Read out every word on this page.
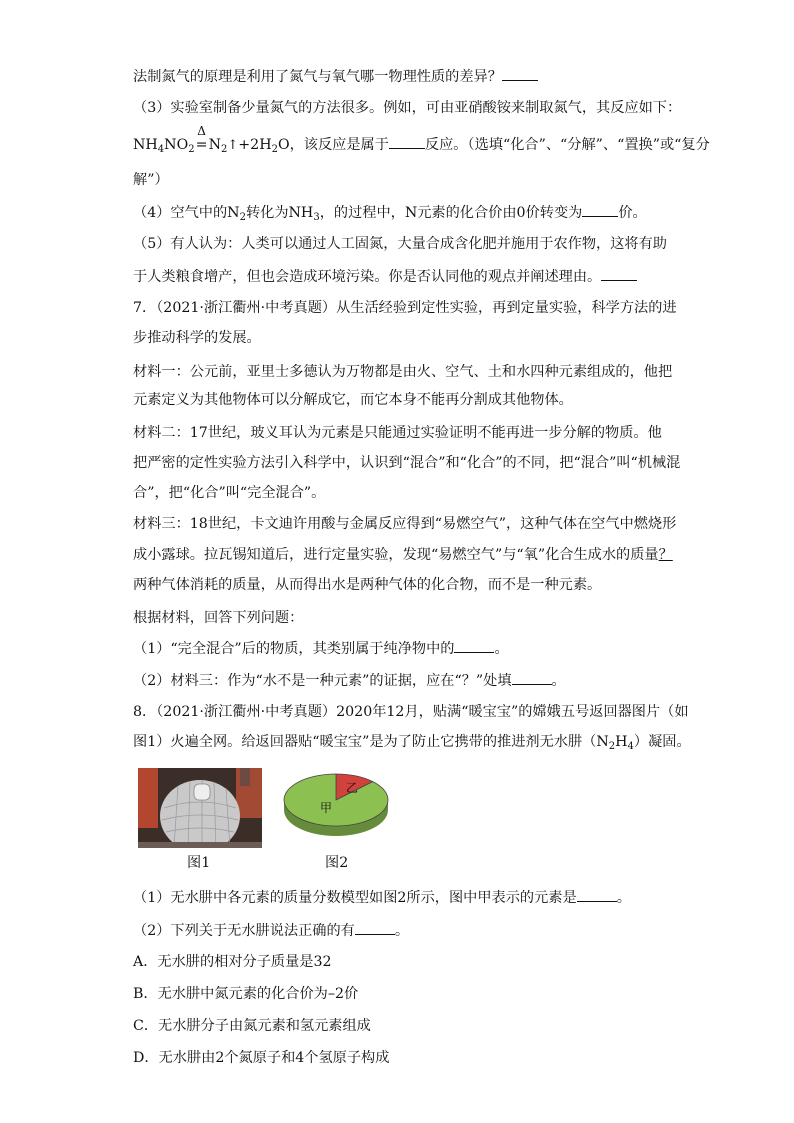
法制氮气的原理是利用了氮气与氧气哪一物理性质的差异？
（3）实验室制备少量氮气的方法很多。例如，可由亚硝酸铵来制取氮气，其反应如下：
$NH_4NO_2$
Δ
$=N_2↑+2H_2O$，该反应是属于	反应。（选填“化合”、“分解”、“置换”或“复分
解”）
（4）空气中的$N_2$转化为$NH_3$，的过程中，N元素的化合价由0价转变为	价。
（5）有人认为：人类可以通过人工固氮，大量合成含化肥并施用于农作物，这将有助
于人类粮食增产，但也会造成环境污染。你是否认同他的观点并阐述理由。
7．（2021·浙江衢州·中考真题）从生活经验到定性实验，再到定量实验，科学方法的进
步推动科学的发展。
材料一：公元前，亚里士多德认为万物都是由火、空气、土和水四种元素组成的，他把
元素定义为其他物体可以分解成它，而它本身不能再分割成其他物体。
材料二：17世纪，玻义耳认为元素是只能通过实验证明不能再进一步分解的物质。他
把严密的定性实验方法引入科学中，认识到“混合”和“化合”的不同，把“混合”叫“机械混
合”，把“化合”叫“完全混合”。
材料三：18世纪，卡文迪许用酸与金属反应得到“易燃空气”，这种气体在空气中燃烧形
成小露球。拉瓦锡知道后，进行定量实验，发现“易燃空气”与“氧”化合生成水的质量？
两种气体消耗的质量，从而得出水是两种气体的化合物，而不是一种元素。
根据材料，回答下列问题：
（1）“完全混合”后的物质，其类别属于纯净物中的	。
（2）材料三：作为“水不是一种元素”的证据，应在“？”处填	。
8．（2021·浙江衢州·中考真题）2020年12月，贴满“暖宝宝”的嫦娥五号返回器图片（如
图1）火遍全网。给返回器贴“暖宝宝”是为了防止它携带的推进剂无水肼$(N_2H_4)$凝固。
甲
乙
图1	图2
（1）无水肼中各元素的质量分数模型如图2所示，图中甲表示的元素是	。
（2）下列关于无水肼说法正确的有	。
A．无水肼的相对分子质量是32
B．无水肼中氮元素的化合价为–2价
C．无水肼分子由氮元素和氢元素组成
D．无水肼由2个氮原子和4个氢原子构成
